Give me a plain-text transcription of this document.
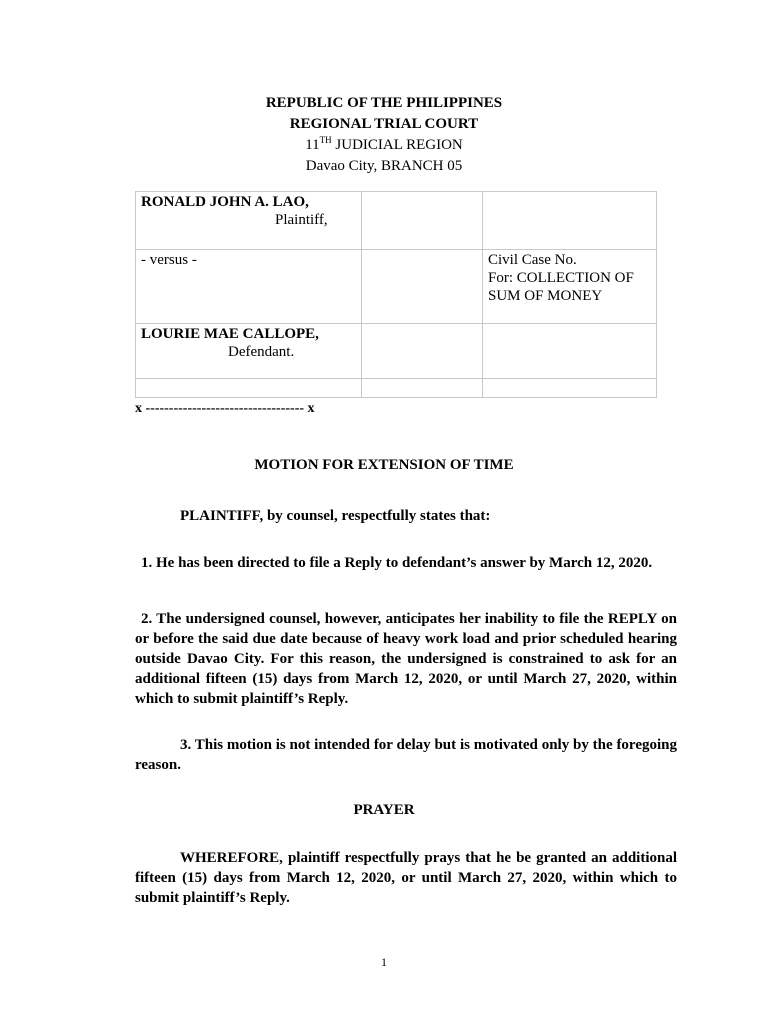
REPUBLIC OF THE PHILIPPINES
REGIONAL TRIAL COURT
11TH JUDICIAL REGION
Davao City, BRANCH 05
RONALD JOHN A. LAO,
Plaintiff,		

- versus -		Civil Case No.
For: COLLECTION OF SUM OF MONEY

LOURIE MAE CALLOPE,
Defendant.		

x ---------------------------------- x
MOTION FOR EXTENSION OF TIME
PLAINTIFF, by counsel, respectfully states that:
1. He has been directed to file a Reply to defendant’s answer by March 12, 2020.
2. The undersigned counsel, however, anticipates her inability to file the REPLY on or before the said due date because of heavy work load and prior scheduled hearing outside Davao City. For this reason, the undersigned is constrained to ask for an additional fifteen (15) days from March 12, 2020, or until March 27, 2020, within which to submit plaintiff’s Reply.
3. This motion is not intended for delay but is motivated only by the foregoing reason.
PRAYER
WHEREFORE, plaintiff respectfully prays that he be granted an additional fifteen (15) days from March 12, 2020, or until March 27, 2020, within which to submit plaintiff’s Reply.
1
